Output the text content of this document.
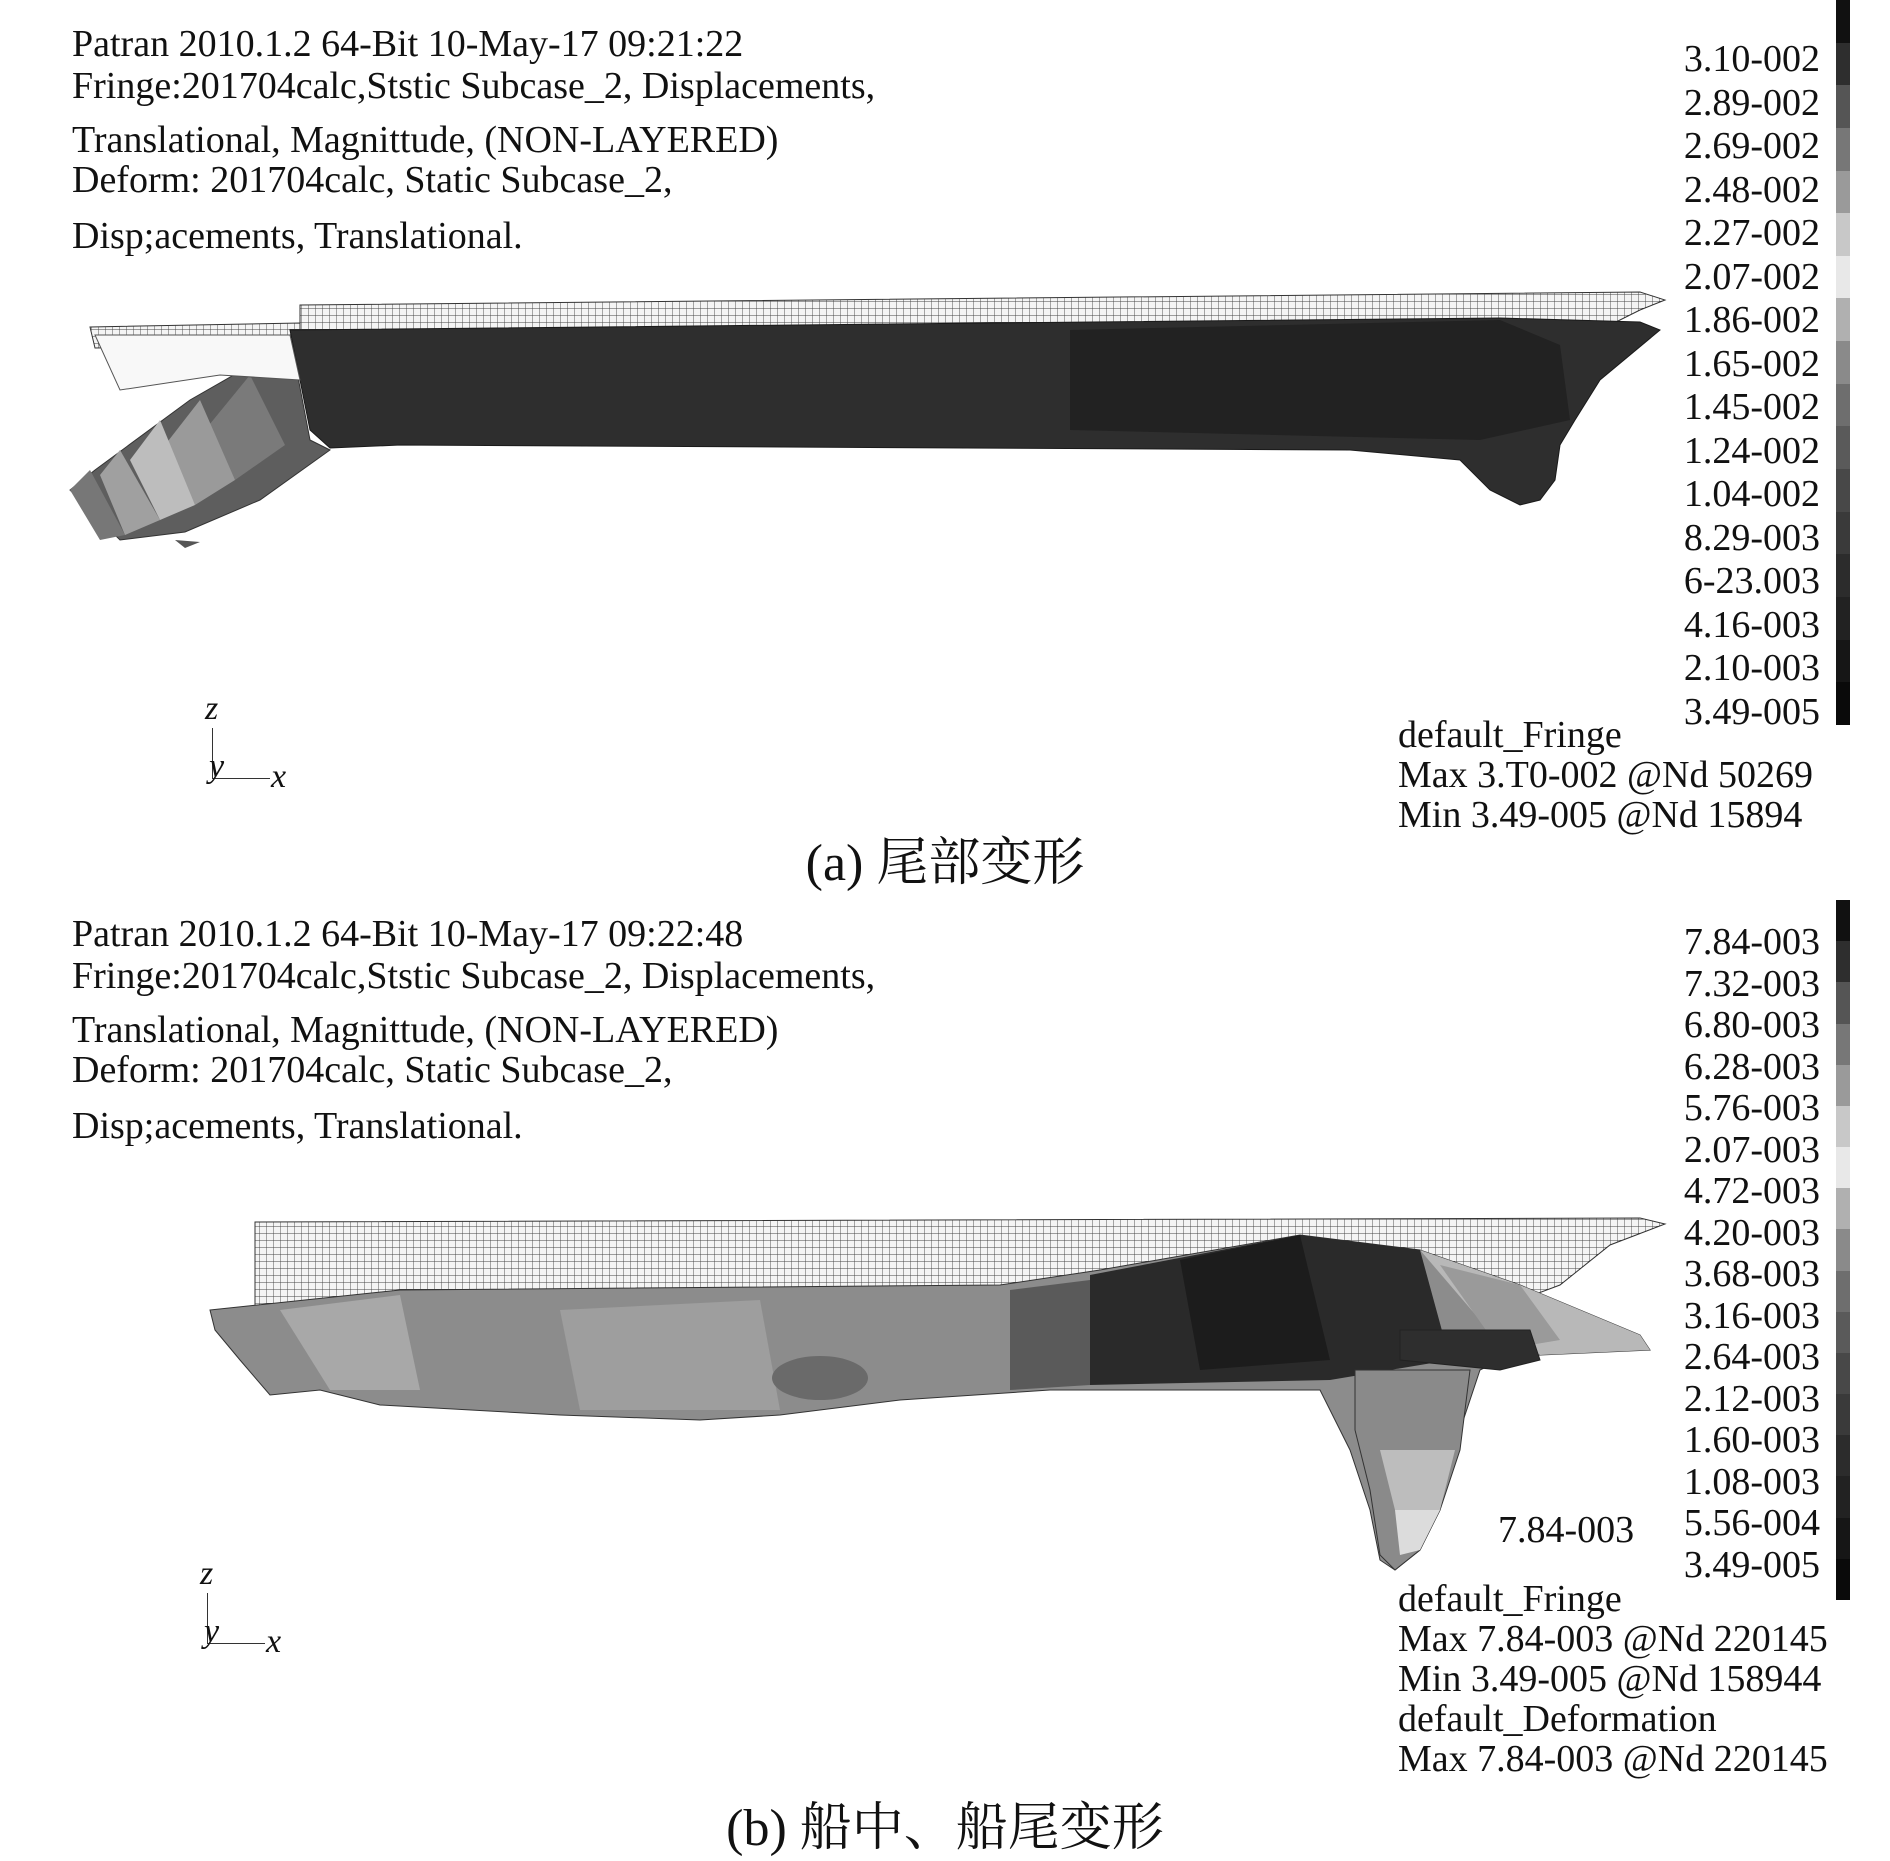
Patran 2010.1.2 64-Bit 10-May-17 09:21:22
Fringe:201704calc,Ststic Subcase_2, Displacements,
Translational, Magnittude, (NON-LAYERED)
Deform: 201704calc, Static Subcase_2,
Disp;acements, Translational.
3.10-002
2.89-002
2.69-002
2.48-002
2.27-002
2.07-002
1.86-002
1.65-002
1.45-002
1.24-002
1.04-002
8.29-003
6-23.003
4.16-003
2.10-003
3.49-005
z
y x
default_Fringe
Max 3.T0-002 @Nd 50269
Min 3.49-005 @Nd 15894
(a) 尾部变形
Patran 2010.1.2 64-Bit 10-May-17 09:22:48
Fringe:201704calc,Ststic Subcase_2, Displacements,
Translational, Magnittude, (NON-LAYERED)
Deform: 201704calc, Static Subcase_2,
Disp;acements, Translational.
7.84-003
7.32-003
6.80-003
6.28-003
5.76-003
2.07-003
4.72-003
4.20-003
3.68-003
3.16-003
2.64-003
2.12-003
1.60-003
1.08-003
5.56-004
3.49-005
7.84-003
z
y x
default_Fringe
Max 7.84-003 @Nd 220145
Min 3.49-005 @Nd 158944
default_Deformation
Max 7.84-003 @Nd 220145
(b) 船中、船尾变形
